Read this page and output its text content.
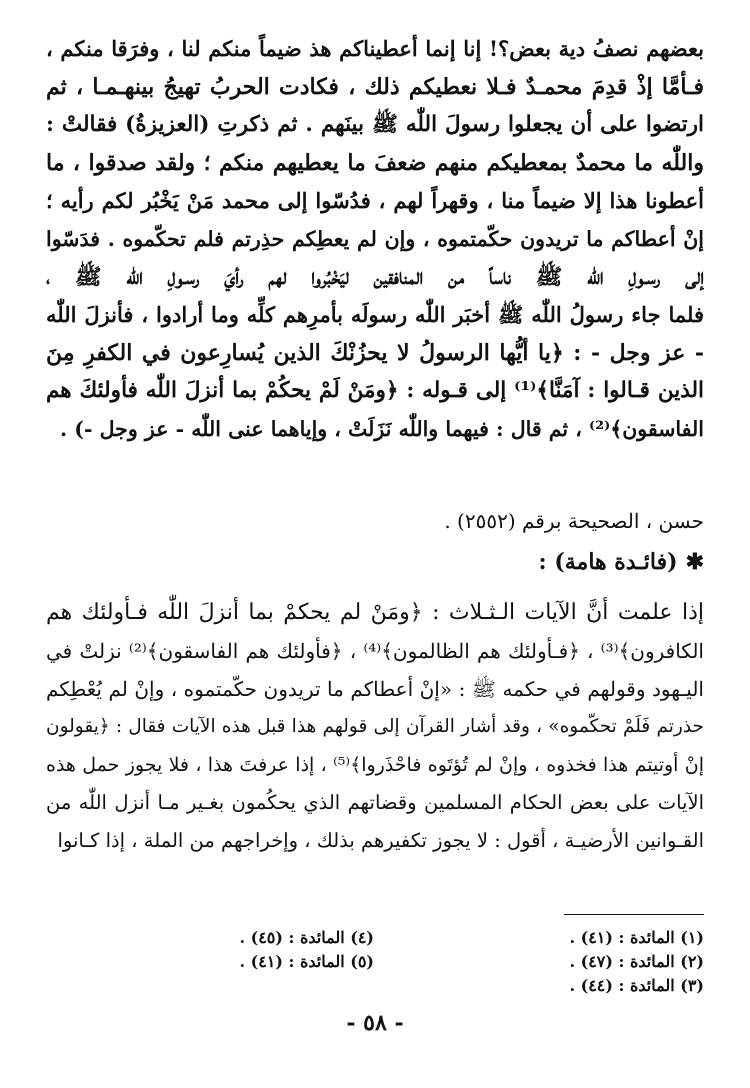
بعضهم نصفُ دية بعض؟! إنا إنما أعطيناكم هذ ضيماً منكم لنا ، وفرَقا منكم ،
فـأمَّا إذْ قدِمَ محمـدٌ فـلا نعطيكم ذلك ، فكادت الحربُ تهيجُ بينهـمـا ، ثم
ارتضوا على أن يجعلوا رسولَ اللّٰه ﷺ بينَهم . ثم ذكرتِ (العزيزةُ) فقالتْ :
واللّٰه ما محمدٌ بمعطيكم منهم ضعفَ ما يعطيهم منكم ؛ ولقد صدقوا ، ما
أعطونا هذا إلا ضيماً منا ، وقهراً لهم ، فدُسّوا إلى محمد مَنْ يَخْبُر لكم رأيه ؛
إنْ أعطاكم ما تريدون حكّمتموه ، وإن لم يعطِكم حذِرتم فلم تحكّموه . فدَسّوا
إلى رسـولِ اللّٰه ﷺ ناساً من المنافقين ليَخْبُروا لهم رأيَ رسـولِ اللّٰه ﷺ ،
فلما جاء رسولُ اللّٰه ﷺ أخبَر اللّٰه رسولَه بأمرِهم كلِّه وما أرادوا ، فأنزلَ اللّٰه
- عز وجل - : ﴿يا أيُّها الرسولُ لا يحزُنْكَ الذين يُسارِعون في الكفرِ مِنَ
الذين قـالوا : آمَنَّا﴾⁽¹⁾ إلى قـوله : ﴿ومَنْ لَمْ يحكُمْ بما أنزلَ اللّٰه فأولئكَ هم
الفاسقون﴾⁽²⁾ ، ثم قال : فيهما واللّٰه نَزَلَتْ ، وإياهما عنى اللّٰه - عز وجل -) .
حسن ، الصحيحة برقم (٢٥٥٢) .
✱(فائـدة هامة) :
إذا علمت أنَّ الآيات الـثـلاث : ﴿ومَنْ لم يحكمْ بما أنزلَ اللّٰه فـأولئك هم
الكافرون﴾⁽³⁾ ، ﴿فـأولئك هم الظالمون﴾⁽⁴⁾ ، ﴿فأولئك هم الفاسقون﴾⁽²⁾ نزلتْ في
اليـهود وقولهم في حكمه ﷺ : «إنْ أعطاكم ما تريدون حكّمتموه ، وإنْ لم يُعْطِكم
حذرتم فَلَمْ تحكّموه» ، وقد أشار القرآن إلى قولهم هذا قبل هذه الآيات فقال : ﴿يقولون
إنْ أوتيتم هذا فخذوه ، وإنْ لم تُؤتَوه فاحْذَروا﴾⁽⁵⁾ ، إذا عرفتَ هذا ، فلا يجوز حمل هذه
الآيات على بعض الحكام المسلمين وقضاتهم الذي يحكُمون بغـير مـا أنزل اللّٰه من
القـوانين الأرضيـة ، أقول : لا يجوز تكفيرهم بذلك ، وإخراجهم من الملة ، إذا كـانوا
(١) المائدة : (٤١) .
(٢) المائدة : (٤٧) .
(٣) المائدة : (٤٤) .
(٤) المائدة : (٤٥) .
(٥) المائدة : (٤١) .
- ٥٨ -
